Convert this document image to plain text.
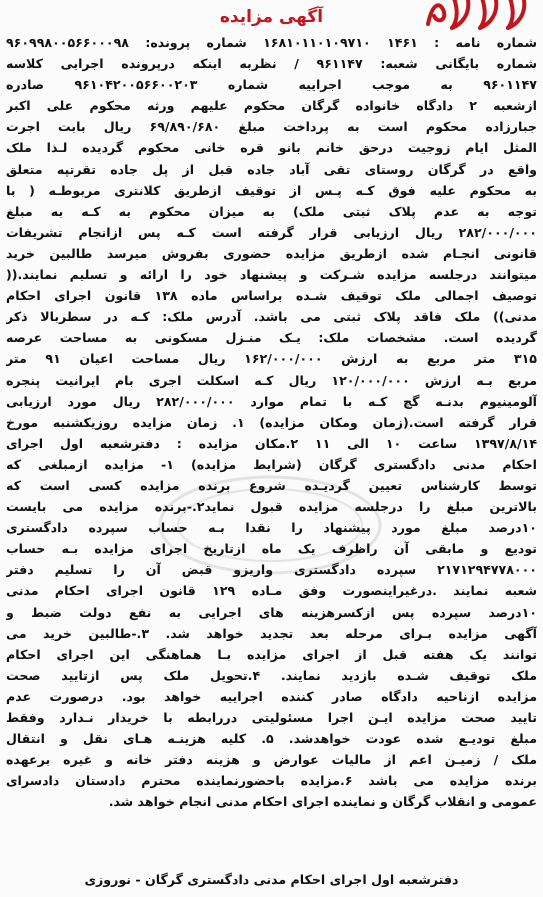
آگهی مزایده
شماره نامه : ۱۴۶۱ ۱۶۸۱۰۱۱۰۱۰۹۷۱۰ شماره پرونده: ۹۶۰۹۹۸۰۰۵۶۶۰۰۰۹۸
شماره بایگانی شعبه: ۹۶۱۱۴۷ / نظربه اینکه درپرونده اجرایی کلاسه
۹۶۰۱۱۴۷ به موجب اجراییه شماره ۹۶۱۰۴۲۰۰۵۶۶۰۰۲۰۳ صادره
ازشعبه ۲ دادگاه خانواده گرگان محکوم علیهم ورثه محکوم علی اکبر
جبارزاده محکوم است به پرداخت مبلغ ۶۹/۸۹۰/۶۸۰ ریال بابت اجرت
المثل ایام زوجیت درحق خانم بانو قره خانی محکوم گردیده لـذا ملک
واقع در گرگان روستای تقی آباد جاده قبل از پل جاده تقرتپه متعلق
به محکوم علیه فوق کـه پـس از توقیف ازطریق کلانتری مربوطـه ( با
توجه به عدم پلاک ثبتی ملک) به میزان محکوم به کـه به مبلغ
۲۸۲/۰۰۰/۰۰۰ ریال ارزیابی قرار گرفته است کـه پس ازانجام تشریفات
قانونی انجـام شده ازطریق مزایده حضوری بفروش میرسد طالبین خرید
میتوانند درجلسه مزایده شـرکت و پیشنهاد خود را ارائه و تسلیم نمایند.((
توصیف اجمالی ملک توقیف شـده براساس ماده ۱۳۸ قانون اجرای احکام
مدنی)) ملک فاقد پلاک ثبتی می باشد. آدرس ملک: کـه در سطربالا ذکر
گردیده است. مشخصات ملک: یـک منـزل مسکونی به مساحت عرصه
۳۱۵ متر مربع به ارزش ۱۶۲/۰۰۰/۰۰۰ ریال مساحت اعیان ۹۱ متر
مربع بـه ارزش ۱۲۰/۰۰۰/۰۰۰ ریال کـه اسکلت اجری بام ایرانیت پنجره
آلومینیوم بدنـه گچ کـه با تمام موارد ۲۸۲/۰۰۰/۰۰۰ ریال مورد ارزیابی
قرار گرفته است.(زمان ومکان مزایده) ۱. زمان مزایده روزیکشنبه مورخ
۱۳۹۷/۸/۱۴ ساعت ۱۰ الی ۱۱ ۲.مکان مزایده : دفترشعبه اول اجرای
احکام مدنی دادگستری گرگان (شرایط مزایده) ۱- مزایده ازمبلغی که
توسط کارشناس تعیین گردیـده شروع برنده مزایده کسی است که
بالاترین مبلغ را درجلسه مزایده قبول نماید۲.-برنده مزایده می بایست
۱۰درصد مبلغ مورد پیشنهاد را نقدا بـه حساب سپرده دادگستری
تودیع و مابقی آن راظرف یک ماه ازتاریخ اجرای مزایده بـه حساب
۲۱۷۱۲۹۴۷۷۸۰۰۰ سپرده دادگستری واریزو قبض آن را تسلیم دفتر
شعبه نمایند .درغیراینصورت وفق مـاده ۱۲۹ قانون اجرای احکام مدنی
۱۰درصد سپرده پس ازکسرهزینه های اجرایی به نفع دولت ضبط و
آگهی مزایده بـرای مرحله بعد تجدید خواهد شد. ۳.-طالبین خرید می
توانند یک هفته قبل از اجرای مزایده بـا هماهنگی این اجرای احکام
ملک توقیف شـده بازدید نمایند. ۴.تحویل ملک پس ازتایید صحت
مزایده ازناحیه دادگاه صادر کننده اجراییه خواهد بود. درصورت عدم
تایید صحت مزایده ایـن اجرا مسئولیتی دررابطه با خریدار نـدارد وفقط
مبلغ تودیـع شده عودت خواهدشد. ۵. کلیه هزینـه هـای نقل و انتقال
ملک / زمیـن اعم از مالیات عوارض و هزینه دفتر خانه و غیره برعهده
برنده مزایده می باشد ۶.مزایده باحضورنماینده محترم دادستان دادسرای
عمومی و انقلاب گرگان و نماینده اجرای احکام مدنی انجام خواهد شد.
دفترشعبه اول اجرای احکام مدنی دادگستری گرگان - نوروزی
